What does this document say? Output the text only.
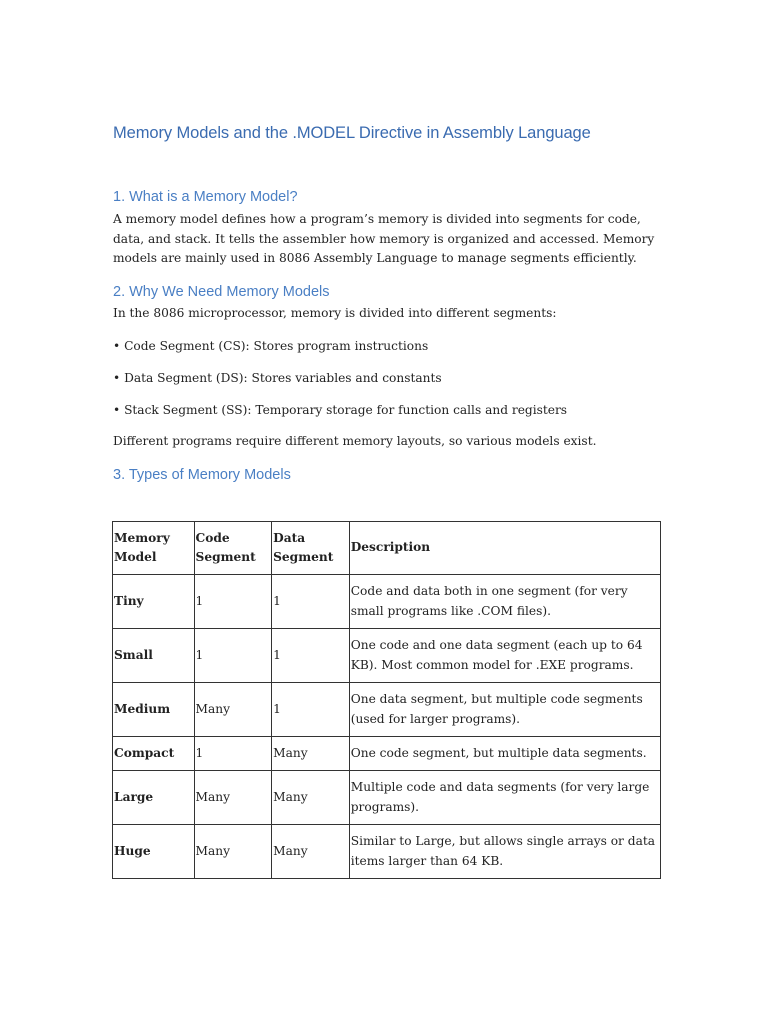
Memory Models and the .MODEL Directive in Assembly Language
1. What is a Memory Model?

A memory model defines how a program’s memory is divided into segments for code, data, and stack. It tells the assembler how memory is organized and accessed. Memory models are mainly used in 8086 Assembly Language to manage segments efficiently.

2. Why We Need Memory Models

In the 8086 microprocessor, memory is divided into different segments:

• Code Segment (CS): Stores program instructions

• Data Segment (DS): Stores variables and constants

• Stack Segment (SS): Temporary storage for function calls and registers

Different programs require different memory layouts, so various models exist.

3. Types of Memory Models
Memory Model	Code Segment	Data Segment	Description
Tiny	1	1	Code and data both in one segment (for very small programs like .COM files).
Small	1	1	One code and one data segment (each up to 64 KB). Most common model for .EXE programs.
Medium	Many	1	One data segment, but multiple code segments (used for larger programs).
Compact	1	Many	One code segment, but multiple data segments.
Large	Many	Many	Multiple code and data segments (for very large programs).
Huge	Many	Many	Similar to Large, but allows single arrays or data items larger than 64 KB.
